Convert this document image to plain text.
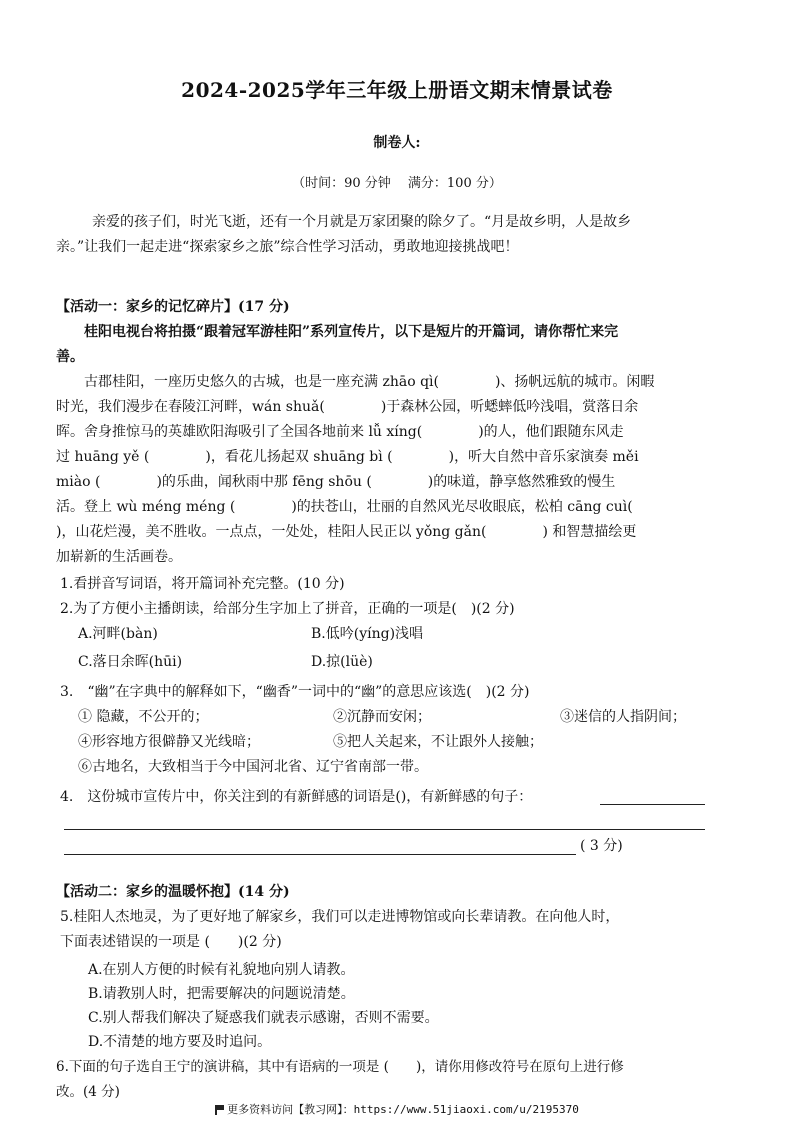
2024-2025学年三年级上册语文期末情景试卷
制卷人:
（时间：90 分钟　 满分：100 分）
亲爱的孩子们，时光飞逝，还有一个月就是万家团聚的除夕了。“月是故乡明，人是故乡
亲。”让我们一起走进“探索家乡之旅”综合性学习活动，勇敢地迎接挑战吧！
【活动一：家乡的记忆碎片】(17 分)
桂阳电视台将拍摄“跟着冠军游桂阳”系列宣传片，以下是短片的开篇词，请你帮忙来完
善。
古郡桂阳，一座历史悠久的古城，也是一座充满 zhāo qì(　　　　)、扬帆远航的城市。闲暇
时光，我们漫步在春陵江河畔，wán shuǎ(　　　　)于森林公园，听蟋蟀低吟浅唱，赏落日余
晖。舍身推惊马的英雄欧阳海吸引了全国各地前来 lǚ xíng(　　　　)的人，他们跟随东风走
过 huāng yě (　　　　)，看花儿扬起双 shuāng bì (　　　　)，听大自然中音乐家演奏 měi
miào (　　　　)的乐曲，闻秋雨中那 fēng shōu (　　　　)的味道，静享悠然雅致的慢生
活。登上 wù méng méng (　　　　)的扶苍山，壮丽的自然风光尽收眼底，松柏 cāng cuì(
)，山花烂漫，美不胜收。一点点，一处处，桂阳人民正以 yǒng gǎn(　　　　) 和智慧描绘更
加崭新的生活画卷。
1.看拼音写词语，将开篇词补充完整。(10 分)
2.为了方便小主播朗读，给部分生字加上了拼音，正确的一项是(　)(2 分)
A.河畔(bàn)	B.低吟(yíng)浅唱
C.落日余晖(hūi)	D.掠(lüè)
3.　“幽”在字典中的解释如下，“幽香”一词中的“幽”的意思应该选(　)(2 分)
① 隐藏，不公开的；	②沉静而安闲；	③迷信的人指阴间；
④形容地方很僻静又光线暗；	⑤把人关起来，不让跟外人接触；
⑥古地名，大致相当于今中国河北省、辽宁省南部一带。
4.　这份城市宣传片中，你关注到的有新鲜感的词语是()，有新鲜感的句子：
( 3 分)
【活动二：家乡的温暖怀抱】(14 分)
5.桂阳人杰地灵，为了更好地了解家乡，我们可以走进博物馆或向长辈请教。在向他人时，
下面表述错误的一项是 (　　)(2 分)
A.在别人方便的时候有礼貌地向别人请教。
B.请教别人时，把需要解决的问题说清楚。
C.别人帮我们解决了疑惑我们就表示感谢，否则不需要。
D.不清楚的地方要及时追问。
6.下面的句子选自王宁的演讲稿，其中有语病的一项是 (　　)，请你用修改符号在原句上进行修
改。(4 分)
更多资料访问【教习网】：https://www.51jiaoxi.com/u/2195370
